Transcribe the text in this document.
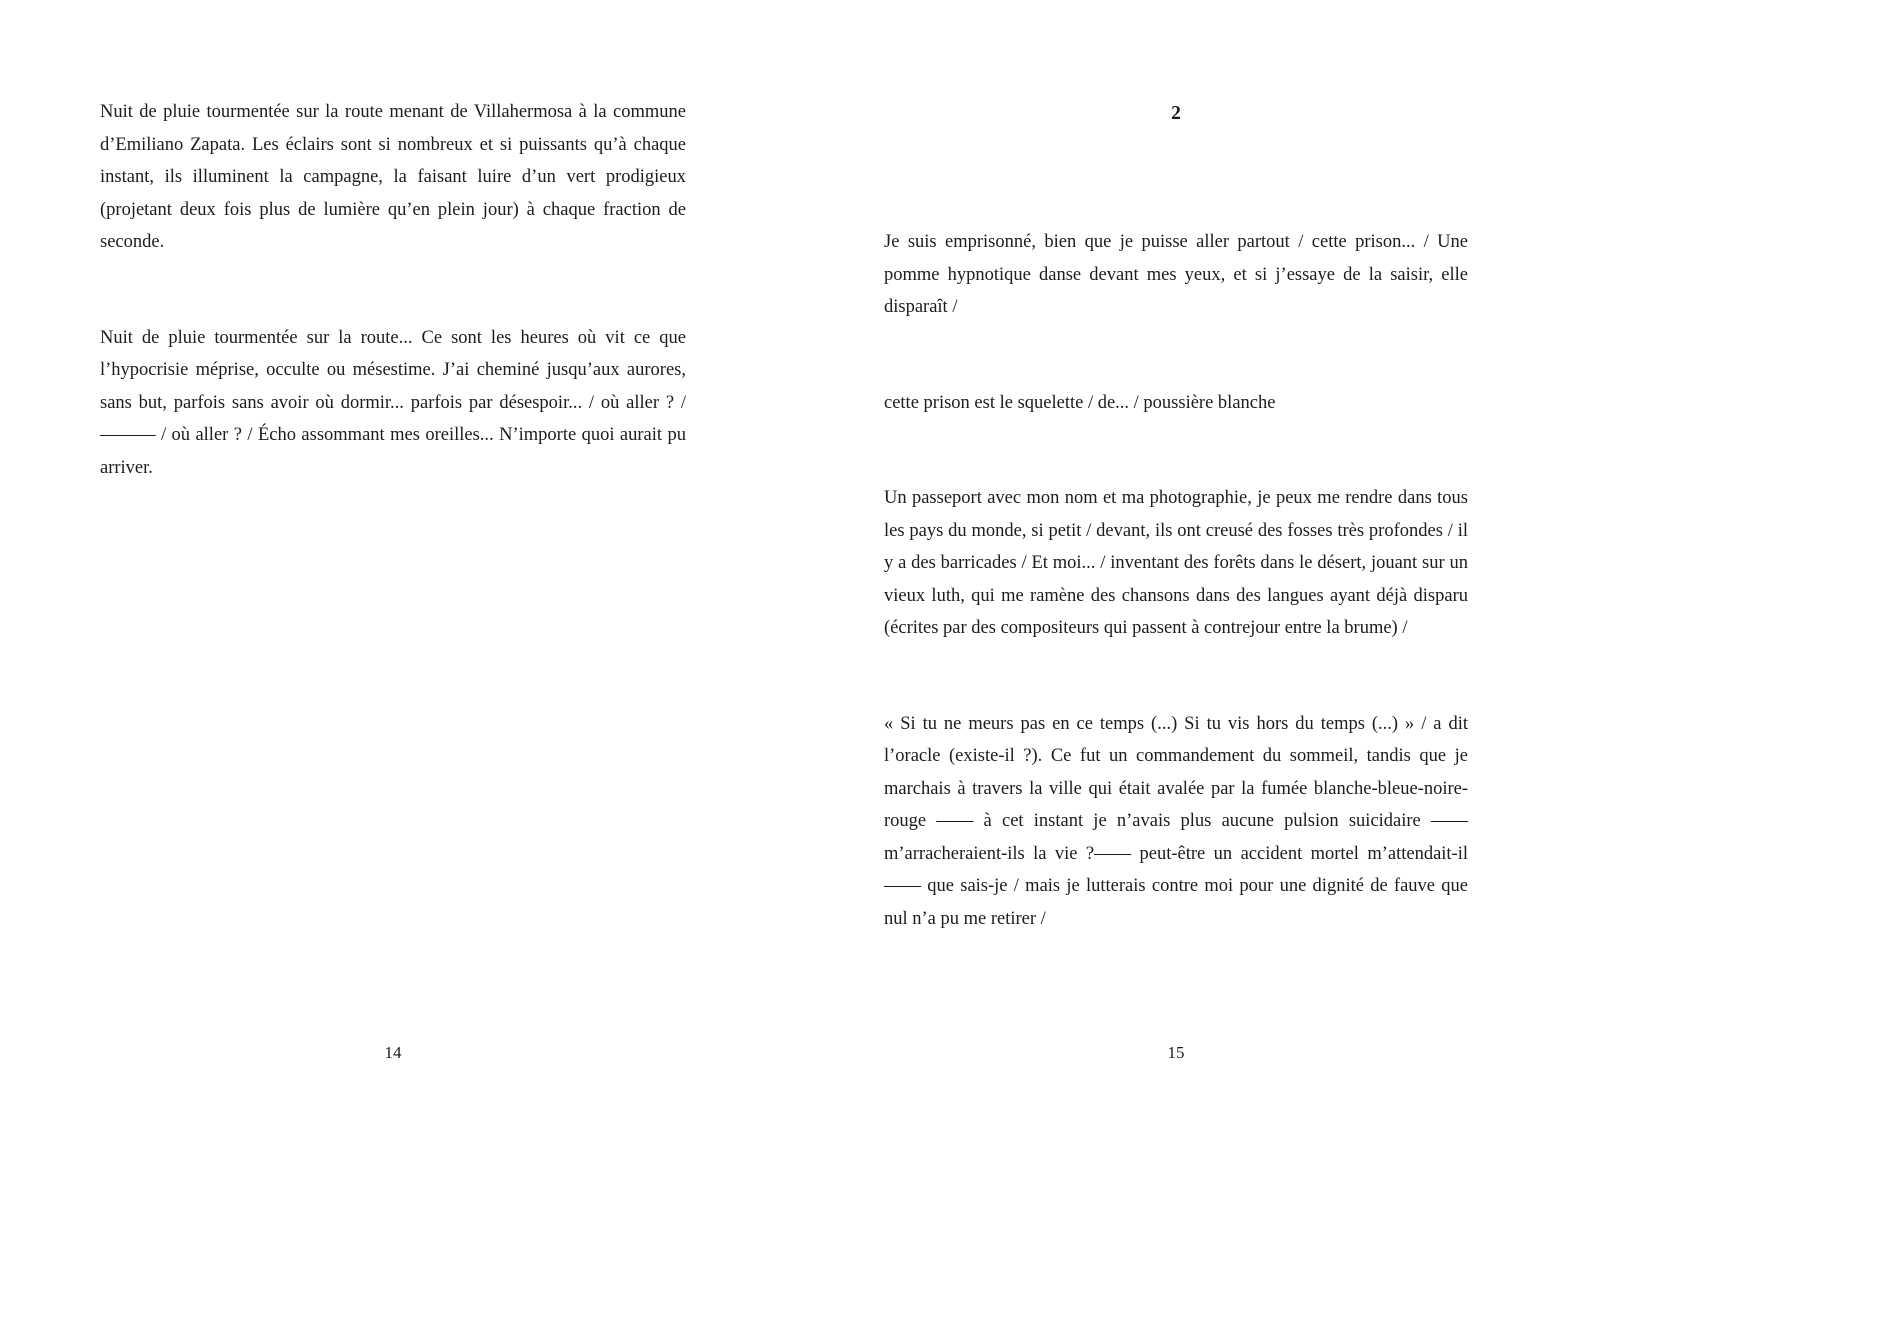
Nuit de pluie tourmentée sur la route menant de Villahermosa à la commune d’Emiliano Zapata. Les éclairs sont si nombreux et si puissants qu’à chaque instant, ils illuminent la campagne, la faisant luire d’un vert prodigieux (projetant deux fois plus de lumière qu’en plein jour) à chaque fraction de seconde.

Nuit de pluie tourmentée sur la route... Ce sont les heures où vit ce que l’hypocrisie méprise, occulte ou mésestime. J’ai cheminé jusqu’aux aurores, sans but, parfois sans avoir où dormir... parfois par désespoir... / où aller ? / ——— / où aller ? / Écho assommant mes oreilles... N’importe quoi aurait pu arriver.

14
2

Je suis emprisonné, bien que je puisse aller partout / cette prison... / Une pomme hypnotique danse devant mes yeux, et si j’essaye de la saisir, elle disparaît /

cette prison est le squelette / de... / poussière blanche

Un passeport avec mon nom et ma photographie, je peux me rendre dans tous les pays du monde, si petit / devant, ils ont creusé des fosses très profondes / il y a des barricades / Et moi... / inventant des forêts dans le désert, jouant sur un vieux luth, qui me ramène des chansons dans des langues ayant déjà disparu (écrites par des compositeurs qui passent à contrejour entre la brume) /

« Si tu ne meurs pas en ce temps (...) Si tu vis hors du temps (...) » / a dit l’oracle (existe-il ?). Ce fut un commandement du sommeil, tandis que je marchais à travers la ville qui était avalée par la fumée blanche-bleue-noire-rouge —— à cet instant je n’avais plus aucune pulsion suicidaire —— m’arracheraient-ils la vie ?—— peut-être un accident mortel m’attendait-il —— que sais-je / mais je lutterais contre moi pour une dignité de fauve que nul n’a pu me retirer /

15
